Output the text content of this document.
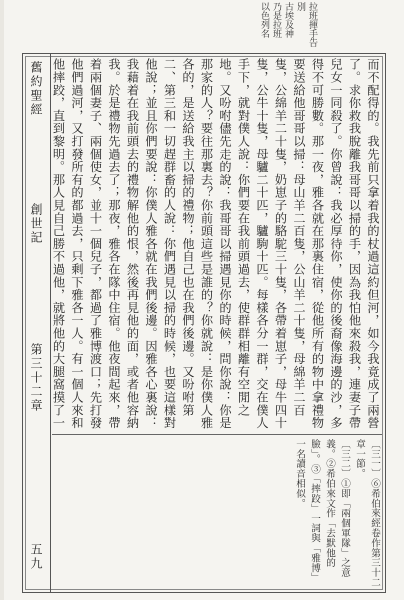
拉班揮手告別
古埃及神
乃是拉班
以色列名
舊約聖經
創世記
第三十二章
五九

而不配得的。我先前只拿着我的杖過這約但河，如今我竟成了兩營了。求你救我脫離我哥哥以掃的手，因為我怕他來殺我，連妻子帶兒女一同殺了。你曾說：我必厚待你，使你的後裔像海邊的沙，多得不可勝數。那一夜，雅各就在那裏住宿，從他所有的物中拿禮物要送給他哥哥以掃：母山羊二百隻，公山羊二十隻，母綿羊二百隻，公綿羊二十隻，奶崽子的駱駝三十隻，各帶着崽子，母牛四十隻，公牛十隻，母驢二十匹，驢駒十匹。每樣各分一群，交在僕人手下，就對僕人說：你們要在我前頭過去，使群群相離有空閒之地。又吩咐儘先走的說：我哥哥以掃遇見你的時候，問你說：你是那家的人？要往那裏去？你前頭這些是誰的？你就說：是你僕人雅各的，是送給我主以掃的禮物；他自己也在我們後邊。又吩咐第二、第三和一切趕群畜的人說：你們遇見以掃的時候，也要這樣對他說；並且你們要說：你僕人雅各就在我們後邊。因雅各心裏說：我藉着在我前頭去的禮物解他的恨，然後再見他的面，或者他容納我。於是禮物先過去了；那夜，雅各在隊中住宿。他夜間起來，帶着兩個妻子、兩個使女，並十一個兒子，都過了雅博渡口；先打發他們過河，又打發所有的都過去，只剩下雅各一人。有一個人來和他摔跤，直到黎明。那人見自己勝不過他，就將他的大腿窩摸了一

〔三一〕⑥希伯來經卷作第三十二章一節。

〔三二〕①即「兩個軍隊」之意義。②希伯來文作「去默他的臉」。③「摔跤」一詞與「雅博」一名讀音相似。
